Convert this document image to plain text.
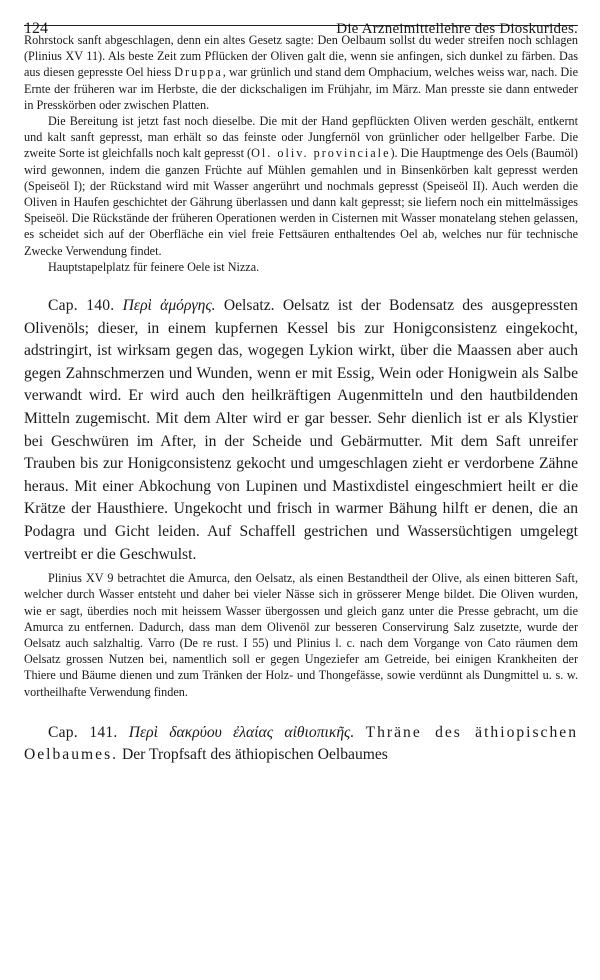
124	Die Arzneimittellehre des Dioskurides.

Rohrstock sanft abgeschlagen, denn ein altes Gesetz sagte: Den Oelbaum sollst du weder streifen noch schlagen (Plinius XV 11). Als beste Zeit zum Pflücken der Oliven galt die, wenn sie anfingen, sich dunkel zu färben. Das aus diesen gepresste Oel hiess Druppa, war grünlich und stand dem Omphacium, welches weiss war, nach. Die Ernte der früheren war im Herbste, die der dickschaligen im Frühjahr, im März. Man presste sie dann entweder in Presskörben oder zwischen Platten.

Die Bereitung ist jetzt fast noch dieselbe. Die mit der Hand gepflückten Oliven werden geschält, entkernt und kalt sanft gepresst, man erhält so das feinste oder Jungfernöl von grünlicher oder hellgelber Farbe. Die zweite Sorte ist gleichfalls noch kalt gepresst (Ol. oliv. provinciale). Die Hauptmenge des Oels (Baumöl) wird gewonnen, indem die ganzen Früchte auf Mühlen gemahlen und in Binsenkörben kalt gepresst werden (Speiseöl I); der Rückstand wird mit Wasser angerührt und nochmals gepresst (Speiseöl II). Auch werden die Oliven in Haufen geschichtet der Gährung überlassen und dann kalt gepresst; sie liefern noch ein mittelmässiges Speiseöl. Die Rückstände der früheren Operationen werden in Cisternen mit Wasser monatelang stehen gelassen, es scheidet sich auf der Oberfläche ein viel freie Fettsäuren enthaltendes Oel ab, welches nur für technische Zwecke Verwendung findet.

Hauptstapelplatz für feinere Oele ist Nizza.

Cap. 140. Περὶ ἀμόργης. Oelsatz. Oelsatz ist der Bodensatz des ausgepressten Olivenöls; dieser, in einem kupfernen Kessel bis zur Honigconsistenz eingekocht, adstringirt, ist wirksam gegen das, wogegen Lykion wirkt, über die Maassen aber auch gegen Zahnschmerzen und Wunden, wenn er mit Essig, Wein oder Honigwein als Salbe verwandt wird. Er wird auch den heilkräftigen Augenmitteln und den hautbildenden Mitteln zugemischt. Mit dem Alter wird er gar besser. Sehr dienlich ist er als Klystier bei Geschwüren im After, in der Scheide und Gebärmutter. Mit dem Saft unreifer Trauben bis zur Honigconsistenz gekocht und umgeschlagen zieht er verdorbene Zähne heraus. Mit einer Abkochung von Lupinen und Mastixdistel eingeschmiert heilt er die Krätze der Hausthiere. Ungekocht und frisch in warmer Bähung hilft er denen, die an Podagra und Gicht leiden. Auf Schaffell gestrichen und Wassersüchtigen umgelegt vertreibt er die Geschwulst.

Plinius XV 9 betrachtet die Amurca, den Oelsatz, als einen Bestandtheil der Olive, als einen bitteren Saft, welcher durch Wasser entsteht und daher bei vieler Nässe sich in grösserer Menge bildet. Die Oliven wurden, wie er sagt, überdies noch mit heissem Wasser übergossen und gleich ganz unter die Presse gebracht, um die Amurca zu entfernen. Dadurch, dass man dem Olivenöl zur besseren Conservirung Salz zusetzte, wurde der Oelsatz auch salzhaltig. Varro (De re rust. I 55) und Plinius l. c. nach dem Vorgange von Cato räumen dem Oelsatz grossen Nutzen bei, namentlich soll er gegen Ungeziefer am Getreide, bei einigen Krankheiten der Thiere und Bäume dienen und zum Tränken der Holz- und Thongefässe, sowie verdünnt als Dungmittel u. s. w. vortheilhafte Verwendung finden.

Cap. 141. Περὶ δακρύου ἐλαίας αἰθιοπικῆς. Thräne des äthiopischen Oelbaumes. Der Tropfsaft des äthiopischen Oelbaumes
